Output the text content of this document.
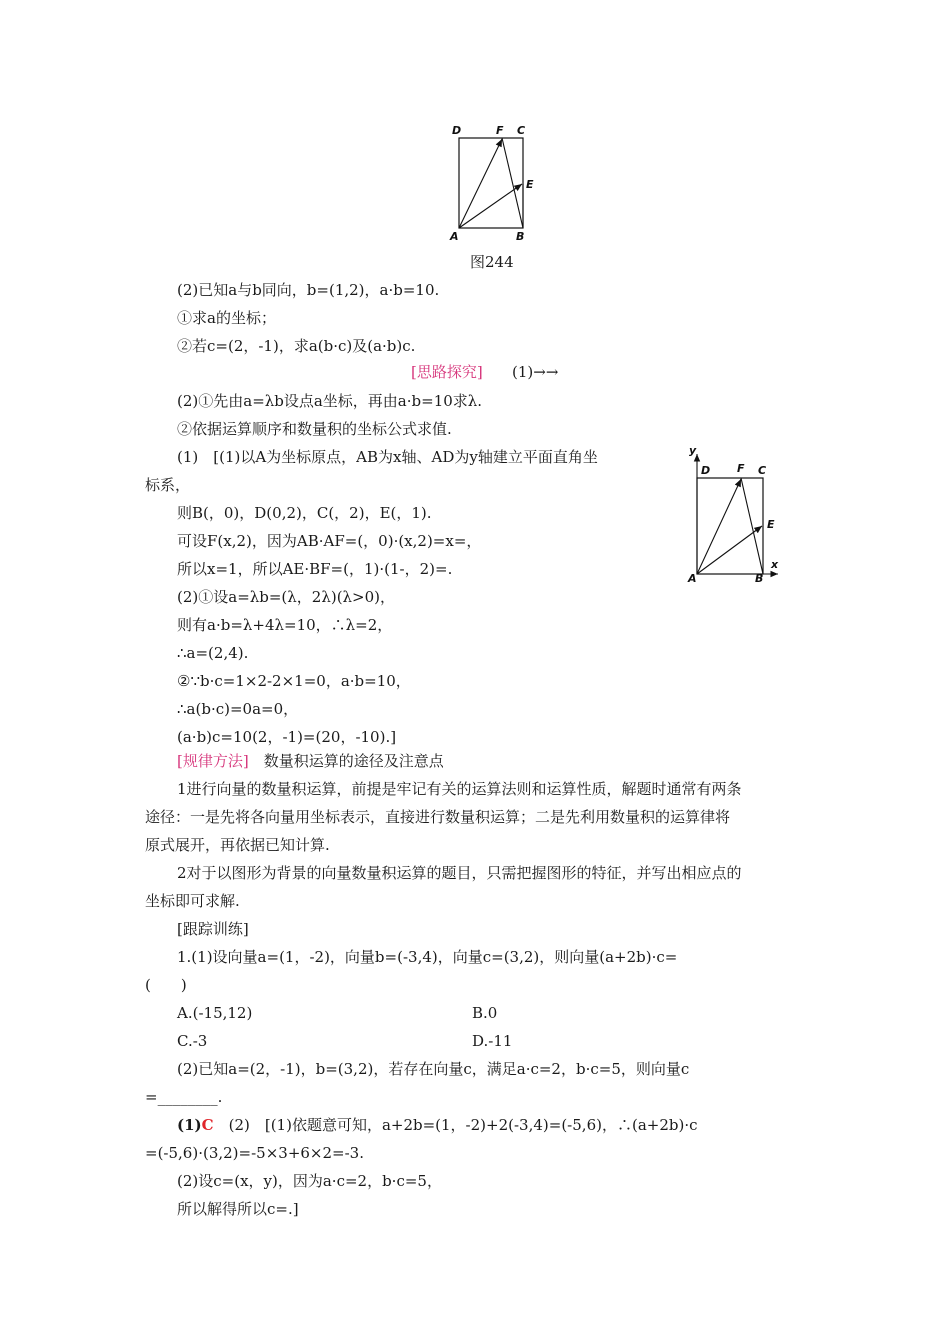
D	F C
E
A	B
图244
(2)已知a与b同向，b=(1,2)，a·b=10.
①求a的坐标；
②若c=(2，-1)，求a(b·c)及(a·b)c.
[思路探究] (1)→→
(2)①先由a=λb设点a坐标，再由a·b=10求λ.
②依据运算顺序和数量积的坐标公式求值.
(1)　[(1)以A为坐标原点，AB为x轴、AD为y轴建立平面直角坐
标系，
则B(，0)，D(0,2)，C(，2)，E(，1).
可设F(x,2)，因为AB·AF=(，0)·(x,2)=x=，
所以x=1，所以AE·BF=(，1)·(1-，2)=.
(2)①设a=λb=(λ，2λ)(λ>0)，
则有a·b=λ+4λ=10，∴λ=2，
∴a=(2,4).
②∵b·c=1×2-2×1=0，a·b=10，
∴a(b·c)=0a=0，
(a·b)c=10(2，-1)=(20，-10).]
y
D F C
E
x
A	B
[规律方法]　 数量积运算的途径及注意点
1进行向量的数量积运算，前提是牢记有关的运算法则和运算性质，解题时通常有两条
途径：一是先将各向量用坐标表示，直接进行数量积运算；二是先利用数量积的运算律将
原式展开，再依据已知计算.
2对于以图形为背景的向量数量积运算的题目，只需把握图形的特征，并写出相应点的
坐标即可求解.
[跟踪训练]
1.(1)设向量a=(1，-2)，向量b=(-3,4)，向量c=(3,2)，则向量(a+2b)·c=
(　　)
A.(-15,12)	B.0
C.-3	D.-11
(2)已知a=(2，-1)，b=(3,2)，若存在向量c，满足a·c=2，b·c=5，则向量c
=________.
(1)C　(2)　[(1)依题意可知，a+2b=(1，-2)+2(-3,4)=(-5,6)，∴(a+2b)·c
=(-5,6)·(3,2)=-5×3+6×2=-3.
(2)设c=(x，y)，因为a·c=2，b·c=5，
所以解得所以c=.]
